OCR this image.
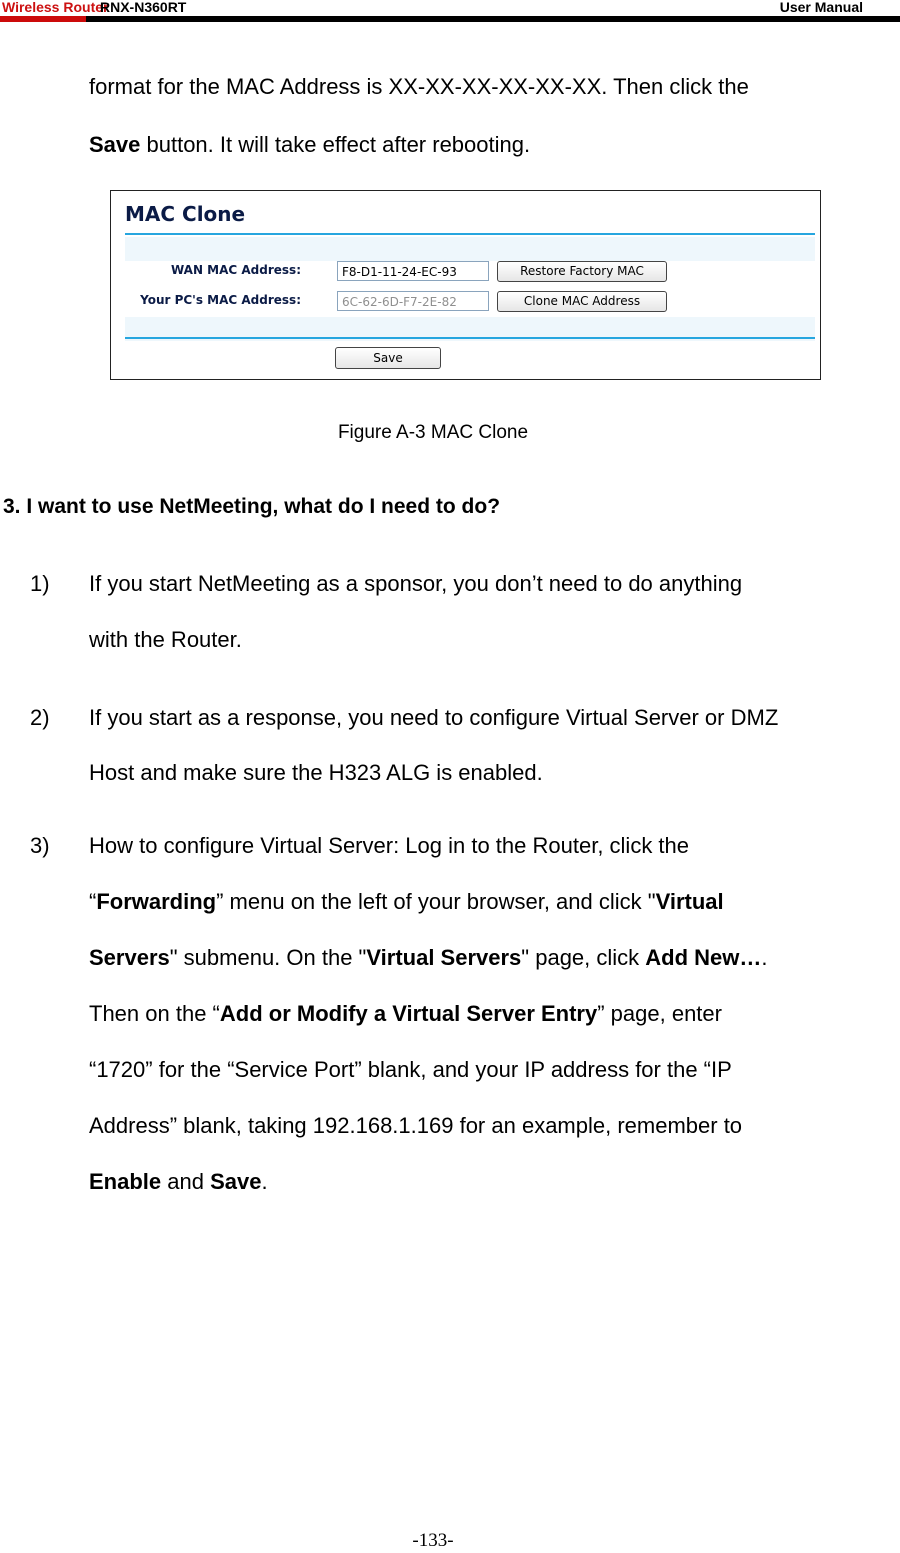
Wireless Router
RNX-N360RT	User Manual
format for the MAC Address is XX-XX-XX-XX-XX-XX. Then click the
Save button. It will take effect after rebooting.
MAC Clone
WAN MAC Address:	F8-D1-11-24-EC-93	Restore Factory MAC
Your PC's MAC Address:	6C-62-6D-F7-2E-82	Clone MAC Address
Save
Figure A-3 MAC Clone
3. I want to use NetMeeting, what do I need to do?
1) If you start NetMeeting as a sponsor, you don’t need to do anything
with the Router.
2) If you start as a response, you need to configure Virtual Server or DMZ
Host and make sure the H323 ALG is enabled.
3) How to configure Virtual Server: Log in to the Router, click the
“Forwarding” menu on the left of your browser, and click "Virtual
Servers" submenu. On the "Virtual Servers" page, click Add New….
Then on the “Add or Modify a Virtual Server Entry” page, enter
“1720” for the “Service Port” blank, and your IP address for the “IP
Address” blank, taking 192.168.1.169 for an example, remember to
Enable and Save.
-133-
